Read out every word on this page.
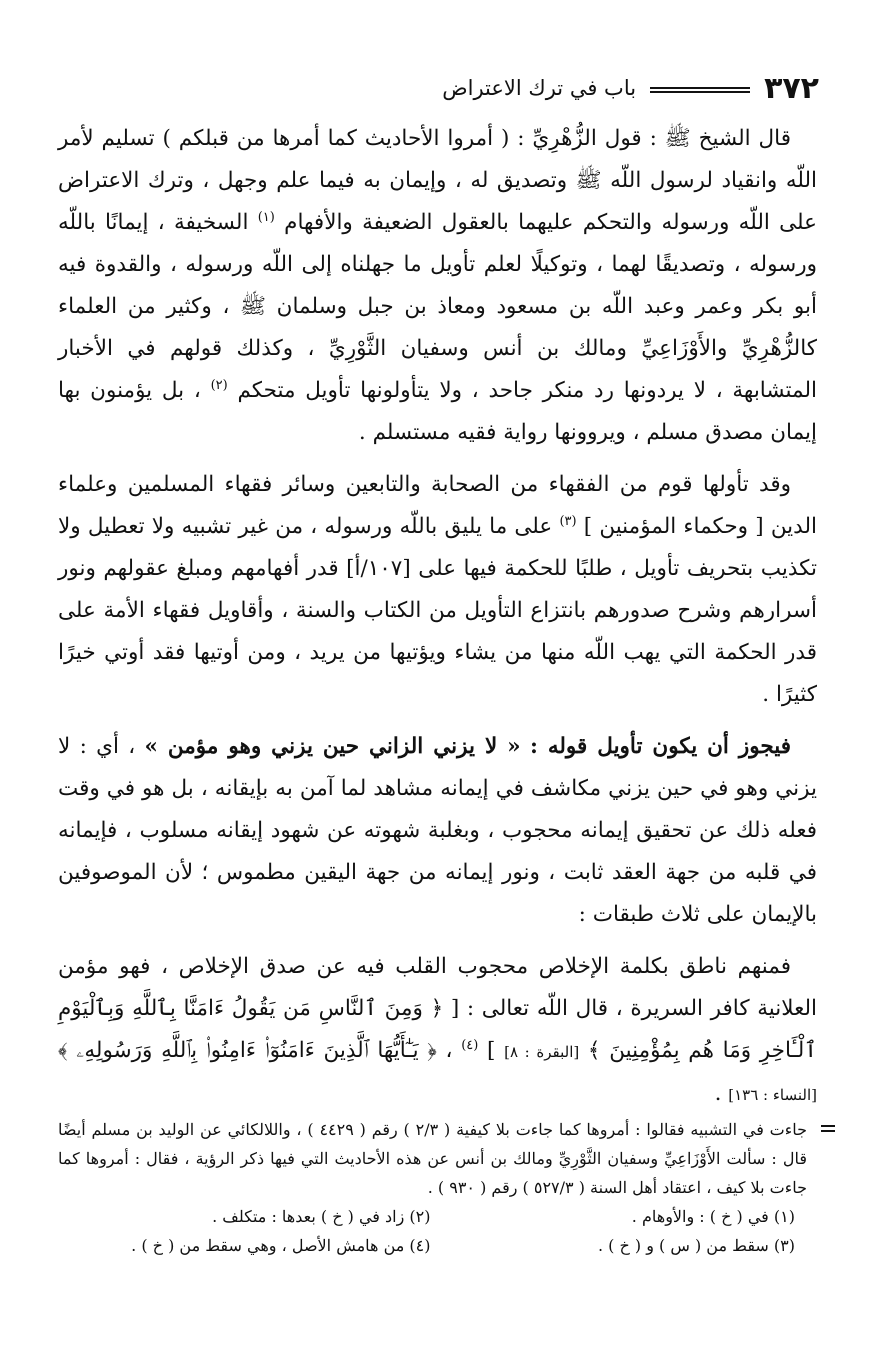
٣٧٢
باب في ترك الاعتراض

قال الشيخ ﷺ : قول الزُّهْرِيِّ : ( أمروا الأحاديث كما أمرها من قبلكم ) تسليم لأمر اللّه وانقياد لرسول اللّه ﷺ وتصديق له ، وإيمان به فيما علم وجهل ، وترك الاعتراض على اللّه ورسوله والتحكم عليهما بالعقول الضعيفة والأفهام $^{(١)}$ السخيفة ، إيمانًا باللّه ورسوله ، وتصديقًا لهما ، وتوكيلًا لعلم تأويل ما جهلناه إلى اللّه ورسوله ، والقدوة فيه أبو بكر وعمر وعبد اللّه بن مسعود ومعاذ بن جبل وسلمان ﷺ ، وكثير من العلماء كالزُّهْرِيِّ والأَوْزَاعِيِّ ومالك بن أنس وسفيان الثَّوْرِيِّ ، وكذلك قولهم في الأخبار المتشابهة ، لا يردونها رد منكر جاحد ، ولا يتأولونها تأويل متحكم $^{(٢)}$ ، بل يؤمنون بها إيمان مصدق مسلم ، ويروونها رواية فقيه مستسلم .

وقد تأولها قوم من الفقهاء من الصحابة والتابعين وسائر فقهاء المسلمين وعلماء الدين [ وحكماء المؤمنين ] $^{(٣)}$ على ما يليق باللّه ورسوله ، من غير تشبيه ولا تعطيل ولا تكذيب بتحريف تأويل ، طلبًا للحكمة فيها على [١٠٧/أ] قدر أفهامهم ومبلغ عقولهم ونور أسرارهم وشرح صدورهم بانتزاع التأويل من الكتاب والسنة ، وأقاويل فقهاء الأمة على قدر الحكمة التي يهب اللّه منها من يشاء ويؤتيها من يريد ، ومن أوتيها فقد أوتي خيرًا كثيرًا .

فيجوز أن يكون تأويل قوله : « لا يزني الزاني حين يزني وهو مؤمن » ، أي : لا يزني وهو في حين يزني مكاشف في إيمانه مشاهد لما آمن به بإيقانه ، بل هو في وقت فعله ذلك عن تحقيق إيمانه محجوب ، وبغلبة شهوته عن شهود إيقانه مسلوب ، فإيمانه في قلبه من جهة العقد ثابت ، ونور إيمانه من جهة اليقين مطموس ؛ لأن الموصوفين بالإيمان على ثلاث طبقات :

فمنهم ناطق بكلمة الإخلاص محجوب القلب فيه عن صدق الإخلاص ، فهو مؤمن العلانية كافر السريرة ، قال اللّه تعالى : [ ﴿ وَمِنَ ٱلنَّاسِ مَن يَقُولُ ءَامَنَّا بِٱللَّهِ وَبِٱلْيَوْمِ ٱلْـَٔاخِرِ وَمَا هُم بِمُؤْمِنِينَ ﴾ [البقرة : ٨] ] $^{(٤)}$ ، ﴿ يَـٰٓأَيُّهَا ٱلَّذِينَ ءَامَنُوٓا۟ ءَامِنُوا۟ بِٱللَّهِ وَرَسُولِهِۦ ﴾ [النساء : ١٣٦] .

جاءت في التشبيه فقالوا : أمروها كما جاءت بلا كيفية ( ٢/٣ ) رقم ( ٤٤٢٩ ) ، واللالكائي عن الوليد بن مسلم أيضًا قال : سألت الأَوْزَاعِيِّ وسفيان الثَّوْرِيِّ ومالك بن أنس عن هذه الأحاديث التي فيها ذكر الرؤية ، فقال : أمروها كما جاءت بلا كيف ، اعتقاد أهل السنة ( ٥٢٧/٣ ) رقم ( ٩٣٠ ) .
(١) في ( خ ) : والأوهام .
(٢) زاد في ( خ ) بعدها : متكلف .
(٣) سقط من ( س ) و ( خ ) .
(٤) من هامش الأصل ، وهي سقط من ( خ ) .
